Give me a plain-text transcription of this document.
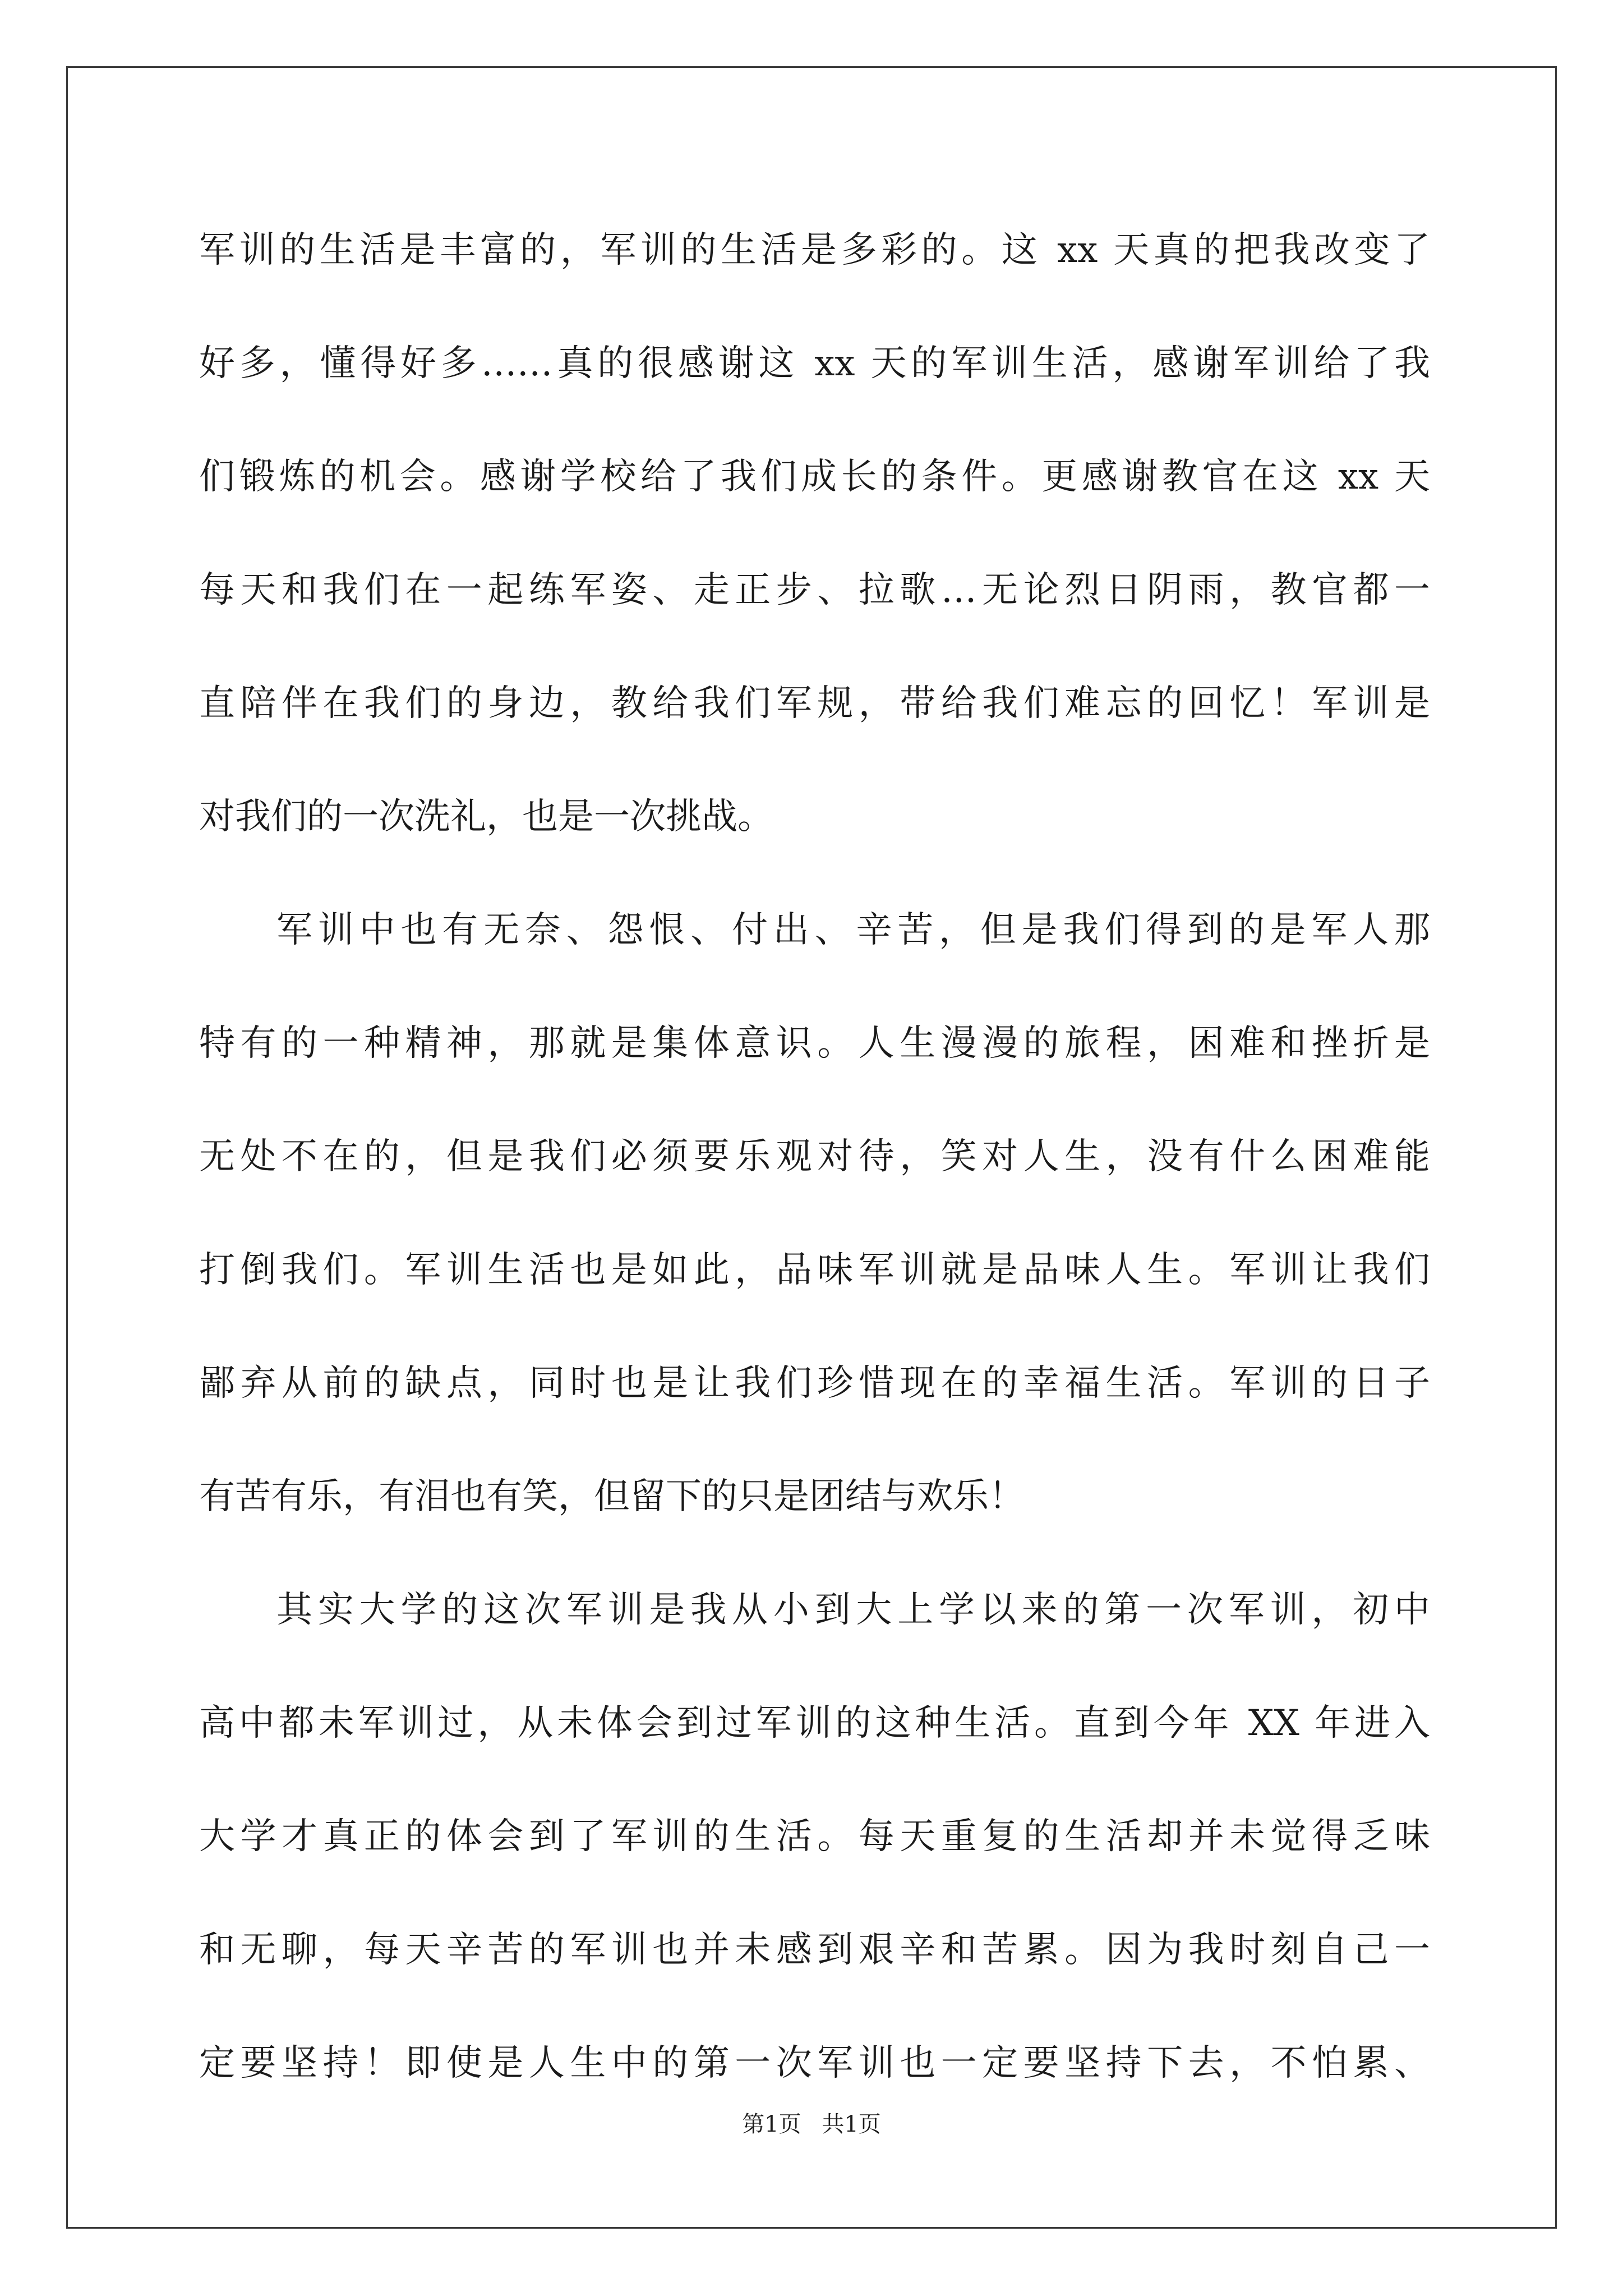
军训的生活是丰富的，军训的生活是多彩的。这 xx 天真的把我改变了
好多，懂得好多……真的很感谢这 xx 天的军训生活，感谢军训给了我
们锻炼的机会。感谢学校给了我们成长的条件。更感谢教官在这 xx 天
每天和我们在一起练军姿、走正步、拉歌…无论烈日阴雨，教官都一
直陪伴在我们的身边，教给我们军规，带给我们难忘的回忆！军训是
对我们的一次洗礼，也是一次挑战。
军训中也有无奈、怨恨、付出、辛苦，但是我们得到的是军人那
特有的一种精神，那就是集体意识。人生漫漫的旅程，困难和挫折是
无处不在的，但是我们必须要乐观对待，笑对人生，没有什么困难能
打倒我们。军训生活也是如此，品味军训就是品味人生。军训让我们
鄙弃从前的缺点，同时也是让我们珍惜现在的幸福生活。军训的日子
有苦有乐，有泪也有笑，但留下的只是团结与欢乐！
其实大学的这次军训是我从小到大上学以来的第一次军训，初中
高中都未军训过，从未体会到过军训的这种生活。直到今年 XX 年进入
大学才真正的体会到了军训的生活。每天重复的生活却并未觉得乏味
和无聊，每天辛苦的军训也并未感到艰辛和苦累。因为我时刻自己一
定要坚持！即使是人生中的第一次军训也一定要坚持下去，不怕累、
第1页 共1页
